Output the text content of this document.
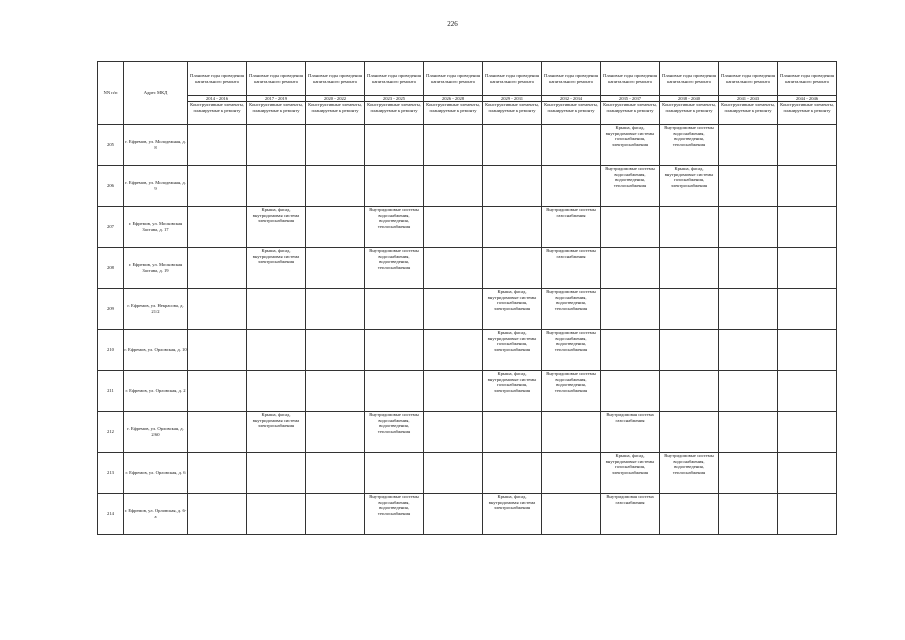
226
NN п/п	Адрес МКД	Плановые годы проведения капитального ремонта	Плановые годы проведения капитального ремонта	Плановые годы проведения капитального ремонта	Плановые годы проведения капитального ремонта	Плановые годы проведения капитального ремонта	Плановые годы проведения капитального ремонта	Плановые годы проведения капитального ремонта	Плановые годы проведения капитального ремонта	Плановые годы проведения капитального ремонта	Плановые годы проведения капитального ремонта	Плановые годы проведения капитального ремонта
		2014 - 2016	2017 - 2019	2020 - 2022	2023 - 2025	2026 - 2028	2029 - 2031	2032 - 2034	2035 - 2037	2038 - 2040	2041 - 2043	2044 - 2046
		Конструктивные элементы, планируемые к ремонту	Конструктивные элементы, планируемые к ремонту	Конструктивные элементы, планируемые к ремонту	Конструктивные элементы, планируемые к ремонту	Конструктивные элементы, планируемые к ремонту	Конструктивные элементы, планируемые к ремонту	Конструктивные элементы, планируемые к ремонту	Конструктивные элементы, планируемые к ремонту	Конструктивные элементы, планируемые к ремонту	Конструктивные элементы, планируемые к ремонту	Конструктивные элементы, планируемые к ремонту
205	г. Ефремов, ул. Молодежная, д. 8								Крыша, фасад, внутридомовые системы газоснабжения, электроснабжения	Внутридомовые системы водоснабжения, водоотведения, теплоснабжения		
206	г. Ефремов, ул. Молодежная, д. 9								Внутридомовые системы водоснабжения, водоотведения, теплоснабжения	Крыша, фасад, внутридомовые системы газоснабжения, электроснабжения		
207	г. Ефремов, ул. Московская Застава, д. 17		Крыша, фасад, внутридомовая система электроснабжения		Внутридомовые системы водоснабжения, водоотведения, теплоснабжения			Внутридомовые системы газоснабжения				
208	г. Ефремов, ул. Московская Застава, д. 19		Крыша, фасад, внутридомовая система электроснабжения		Внутридомовые системы водоснабжения, водоотведения, теплоснабжения			Внутридомовые системы газоснабжения				
209	г. Ефремов, ул. Некрасова, д. 21/2						Крыша, фасад, внутридомовые системы газоснабжения, электроснабжения	Внутридомовые системы водоснабжения, водоотведения, теплоснабжения				
210	г. Ефремов, ул. Орловская, д. 10						Крыша, фасад, внутридомовые системы газоснабжения, электроснабжения	Внутридомовые системы водоснабжения, водоотведения, теплоснабжения				
211	г. Ефремов, ул. Орловская, д. 2						Крыша, фасад, внутридомовые системы газоснабжения, электроснабжения	Внутридомовые системы водоснабжения, водоотведения, теплоснабжения				
212	г. Ефремов, ул. Орловская, д. 2/60		Крыша, фасад, внутридомовая система электроснабжения		Внутридомовые системы водоснабжения, водоотведения, теплоснабжения				Внутридомовая система газоснабжения			
213	г. Ефремов, ул. Орловская, д. 6								Крыша, фасад, внутридомовые системы газоснабжения, электроснабжения	Внутридомовые системы водоснабжения, водоотведения, теплоснабжения		
214	г. Ефремов, ул. Орловская, д. 6-а				Внутридомовые системы водоснабжения, водоотведения, теплоснабжения		Крыша, фасад, внутридомовая система электроснабжения		Внутридомовая система газоснабжения			
